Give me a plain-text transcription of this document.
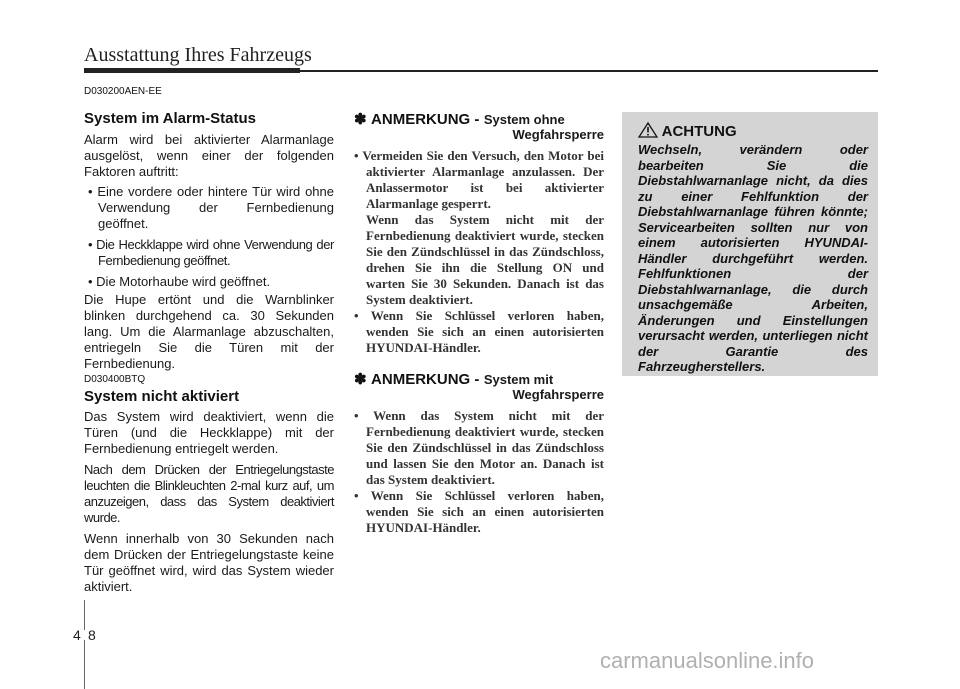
Ausstattung Ihres Fahrzeugs
D030200AEN-EE
System im Alarm-Status

Alarm wird bei aktivierter Alarmanlage ausgelöst, wenn einer der folgenden Faktoren auftritt:

• Eine vordere oder hintere Tür wird ohne Verwendung der Fernbedienung geöffnet.

• Die Heckklappe wird ohne Verwendung der Fernbedienung geöffnet.

• Die Motorhaube wird geöffnet.

Die Hupe ertönt und die Warnblinker blinken durchgehend ca. 30 Sekunden lang. Um die Alarmanlage abzuschalten, entriegeln Sie die Türen mit der Fernbedienung.

D030400BTQ
System nicht aktiviert

Das System wird deaktiviert, wenn die Türen (und die Heckklappe) mit der Fernbedienung entriegelt werden.

Nach dem Drücken der Entriegelungstaste leuchten die Blinkleuchten 2-mal kurz auf, um anzuzeigen, dass das System deaktiviert wurde.

Wenn innerhalb von 30 Sekunden nach dem Drücken der Entriegelungstaste keine Tür geöffnet wird, wird das System wieder aktiviert.

✽ ANMERKUNG - System ohne
Wegfahrsperre

• Vermeiden Sie den Versuch, den Motor bei aktivierter Alarmanlage anzulassen. Der Anlassermotor ist bei aktivierter Alarmanlage gesperrt.

Wenn das System nicht mit der Fernbedienung deaktiviert wurde, stecken Sie den Zündschlüssel in das Zündschloss, drehen Sie ihn die Stellung ON und warten Sie 30 Sekunden. Danach ist das System deaktiviert.

• Wenn Sie Schlüssel verloren haben, wenden Sie sich an einen autorisierten HYUNDAI-Händler.

✽ ANMERKUNG - System mit
Wegfahrsperre

• Wenn das System nicht mit der Fernbedienung deaktiviert wurde, stecken Sie den Zündschlüssel in das Zündschloss und lassen Sie den Motor an. Danach ist das System deaktiviert.

• Wenn Sie Schlüssel verloren haben, wenden Sie sich an einen autorisierten HYUNDAI-Händler.

ACHTUNG
Wechseln, verändern oder bearbeiten Sie die Diebstahlwarnanlage nicht, da dies zu einer Fehlfunktion der Diebstahlwarnanlage führen könnte; Servicearbeiten sollten nur von einem autorisierten HYUNDAI-Händler durchgeführt werden. Fehlfunktionen der Diebstahlwarnanlage, die durch unsachgemäße Arbeiten, Änderungen und Einstellungen verursacht werden, unterliegen nicht der Garantie des Fahrzeugherstellers.
4 8
carmanualsonline.info
